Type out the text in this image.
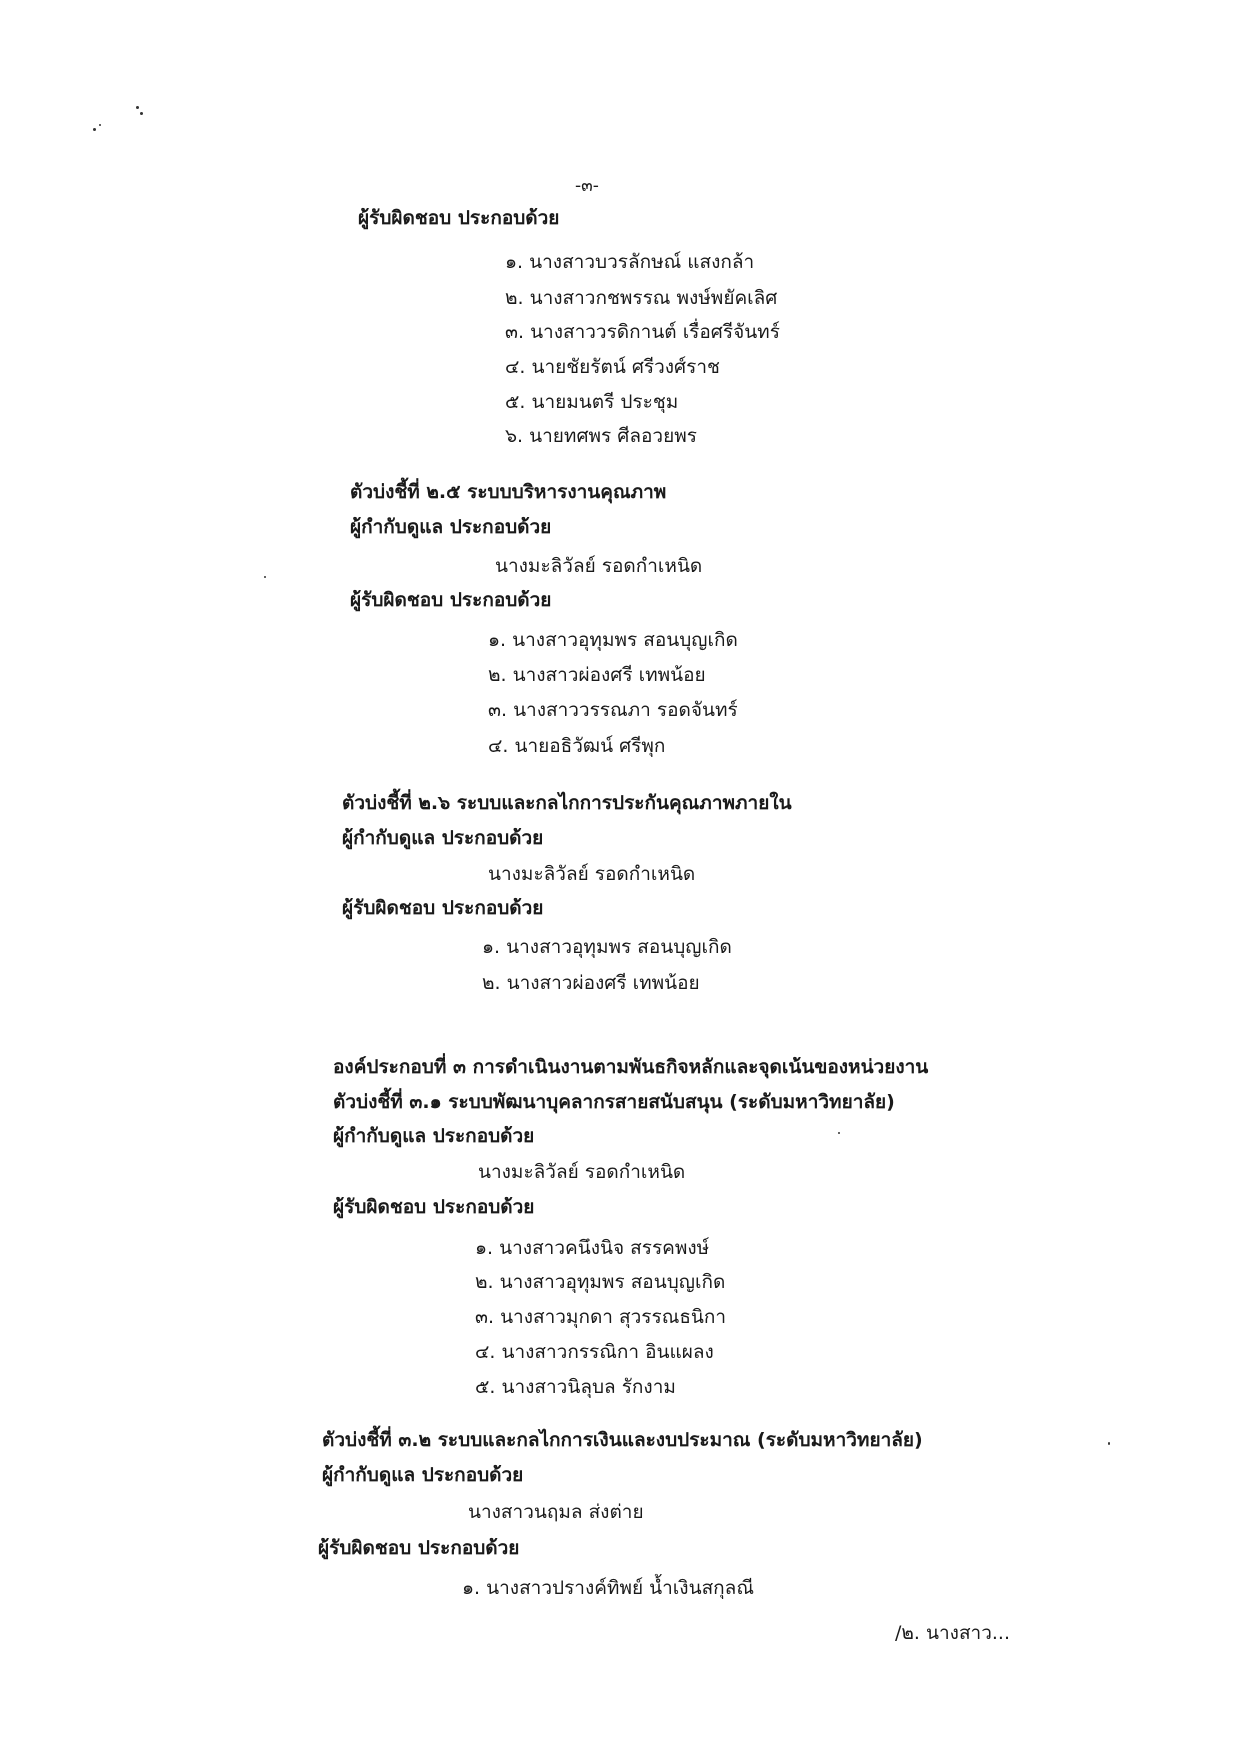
-๓-
ผู้รับผิดชอบ ประกอบด้วย
๑. นางสาวบวรลักษณ์ แสงกล้า
๒. นางสาวกชพรรณ พงษ์พยัคเลิศ
๓. นางสาววรดิกานต์ เรื่อศรีจันทร์
๔. นายชัยรัตน์ ศรีวงศ์ราช
๕. นายมนตรี ประชุม
๖. นายทศพร ศีลอวยพร
ตัวบ่งชี้ที่ ๒.๕ ระบบบริหารงานคุณภาพ
ผู้กำกับดูแล ประกอบด้วย
นางมะลิวัลย์ รอดกำเหนิด
ผู้รับผิดชอบ ประกอบด้วย
๑. นางสาวอุทุมพร สอนบุญเกิด
๒. นางสาวผ่องศรี เทพน้อย
๓. นางสาววรรณภา รอดจันทร์
๔. นายอธิวัฒน์ ศรีพุก
ตัวบ่งชี้ที่ ๒.๖ ระบบและกลไกการประกันคุณภาพภายใน
ผู้กำกับดูแล ประกอบด้วย
นางมะลิวัลย์ รอดกำเหนิด
ผู้รับผิดชอบ ประกอบด้วย
๑. นางสาวอุทุมพร สอนบุญเกิด
๒. นางสาวผ่องศรี เทพน้อย
องค์ประกอบที่ ๓ การดำเนินงานตามพันธกิจหลักและจุดเน้นของหน่วยงาน
ตัวบ่งชี้ที่ ๓.๑ ระบบพัฒนาบุคลากรสายสนับสนุน (ระดับมหาวิทยาลัย)
ผู้กำกับดูแล ประกอบด้วย
นางมะลิวัลย์ รอดกำเหนิด
ผู้รับผิดชอบ ประกอบด้วย
๑. นางสาวคนึงนิจ สรรคพงษ์
๒. นางสาวอุทุมพร สอนบุญเกิด
๓. นางสาวมุกดา สุวรรณธนิกา
๔. นางสาวกรรณิกา อินแผลง
๕. นางสาวนิลุบล รักงาม
ตัวบ่งชี้ที่ ๓.๒ ระบบและกลไกการเงินและงบประมาณ (ระดับมหาวิทยาลัย)
ผู้กำกับดูแล ประกอบด้วย
นางสาวนฤมล ส่งต่าย
ผู้รับผิดชอบ ประกอบด้วย
๑. นางสาวปรางค์ทิพย์ น้ำเงินสกุลณี
/๒. นางสาว...
